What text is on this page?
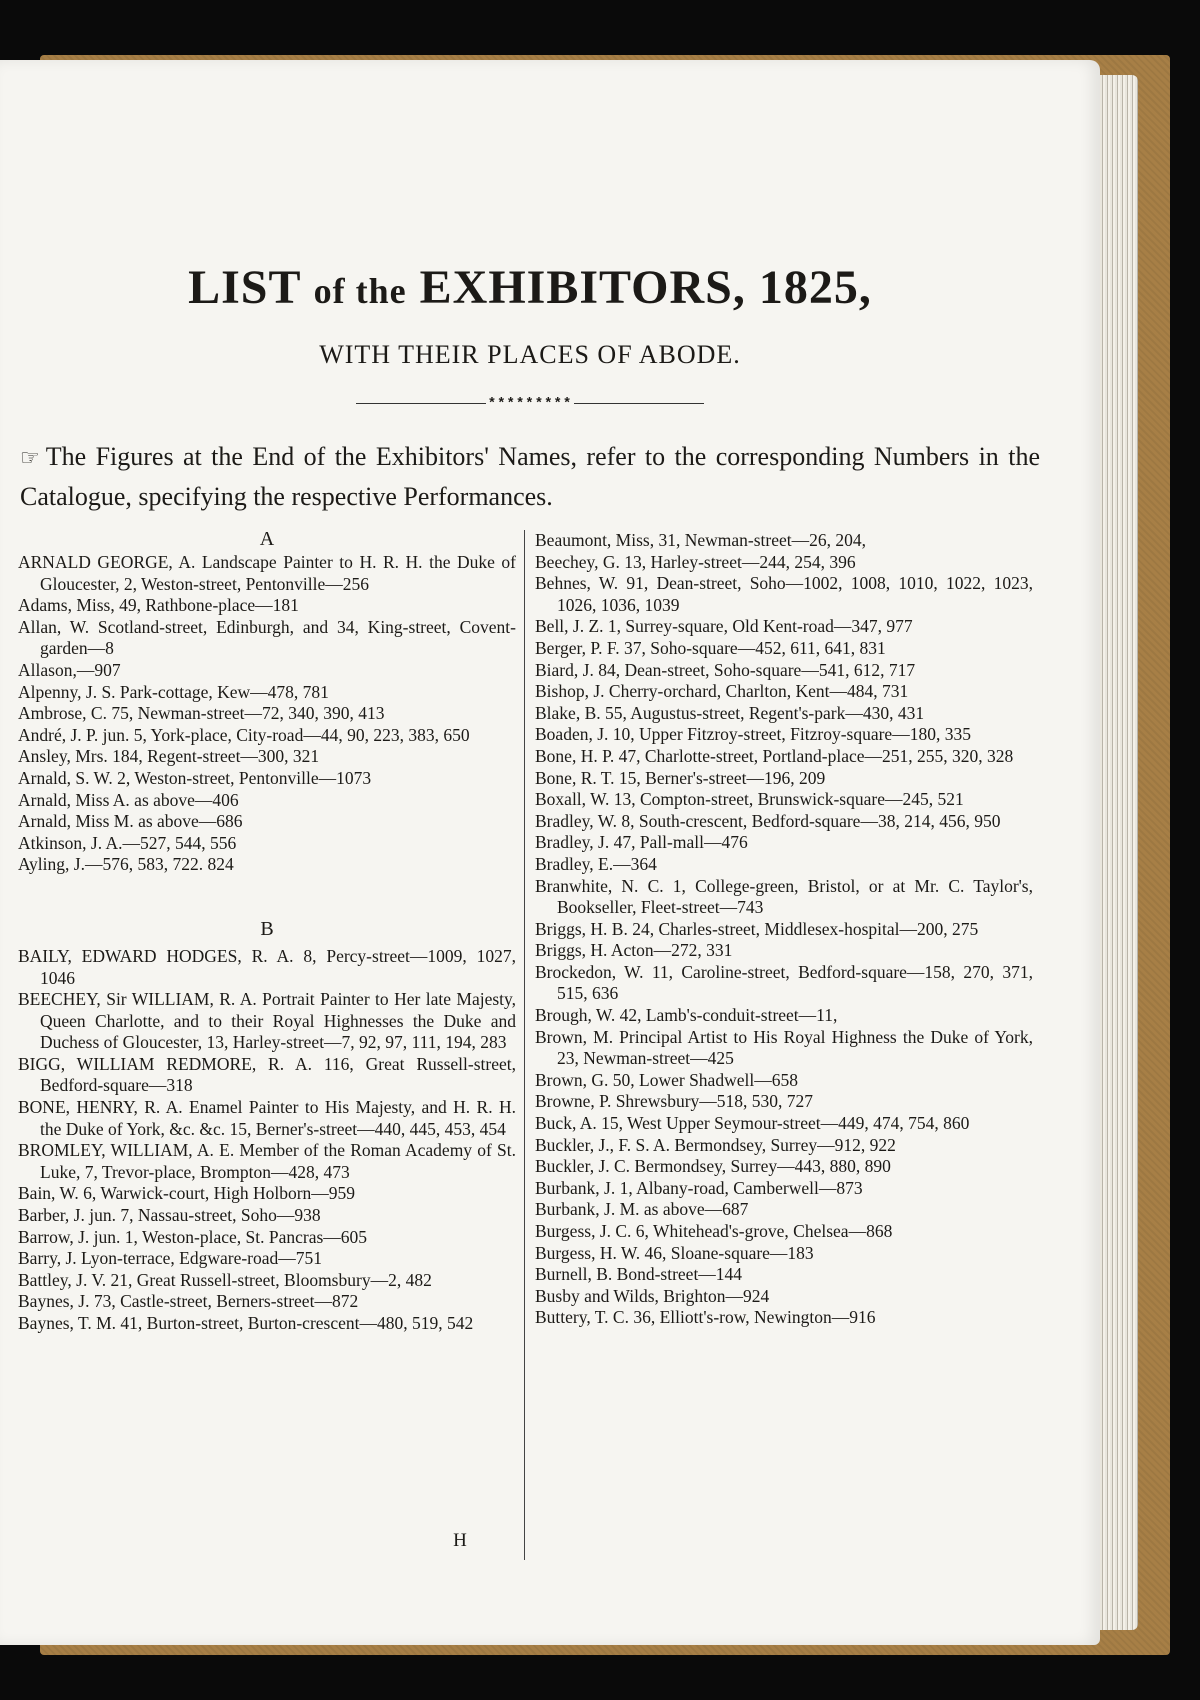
LIST of the EXHIBITORS, 1825,
WITH THEIR PLACES OF ABODE.
*********
☞ The Figures at the End of the Exhibitors' Names, refer to the corresponding Numbers in the Catalogue, specifying the respective Performances.
A

ARNALD GEORGE, A. Landscape Painter to H. R. H. the Duke of Gloucester, 2, Weston-street, Pentonville—256

Adams, Miss, 49, Rathbone-place—181

Allan, W. Scotland-street, Edinburgh, and 34, King-street, Covent-garden—8

Allason,—907

Alpenny, J. S. Park-cottage, Kew—478, 781

Ambrose, C. 75, Newman-street—72, 340, 390, 413

André, J. P. jun. 5, York-place, City-road—44, 90, 223, 383, 650

Ansley, Mrs. 184, Regent-street—300, 321

Arnald, S. W. 2, Weston-street, Pentonville—1073

Arnald, Miss A. as above—406

Arnald, Miss M. as above—686

Atkinson, J. A.—527, 544, 556

Ayling, J.—576, 583, 722. 824

B

BAILY, EDWARD HODGES, R. A. 8, Percy-street—1009, 1027, 1046

BEECHEY, Sir WILLIAM, R. A. Portrait Painter to Her late Majesty, Queen Charlotte, and to their Royal Highnesses the Duke and Duchess of Gloucester, 13, Harley-street—7, 92, 97, 111, 194, 283

BIGG, WILLIAM REDMORE, R. A. 116, Great Russell-street, Bedford-square—318

BONE, HENRY, R. A. Enamel Painter to His Majesty, and H. R. H. the Duke of York, &c. &c. 15, Berner's-street—440, 445, 453, 454

BROMLEY, WILLIAM, A. E. Member of the Roman Academy of St. Luke, 7, Trevor-place, Brompton—428, 473

Bain, W. 6, Warwick-court, High Holborn—959

Barber, J. jun. 7, Nassau-street, Soho—938

Barrow, J. jun. 1, Weston-place, St. Pancras—605

Barry, J. Lyon-terrace, Edgware-road—751

Battley, J. V. 21, Great Russell-street, Bloomsbury—2, 482

Baynes, J. 73, Castle-street, Berners-street—872

Baynes, T. M. 41, Burton-street, Burton-crescent—480, 519, 542

Beaumont, Miss, 31, Newman-street—26, 204,

Beechey, G. 13, Harley-street—244, 254, 396

Behnes, W. 91, Dean-street, Soho—1002, 1008, 1010, 1022, 1023, 1026, 1036, 1039

Bell, J. Z. 1, Surrey-square, Old Kent-road—347, 977

Berger, P. F. 37, Soho-square—452, 611, 641, 831

Biard, J. 84, Dean-street, Soho-square—541, 612, 717

Bishop, J. Cherry-orchard, Charlton, Kent—484, 731

Blake, B. 55, Augustus-street, Regent's-park—430, 431

Boaden, J. 10, Upper Fitzroy-street, Fitzroy-square—180, 335

Bone, H. P. 47, Charlotte-street, Portland-place—251, 255, 320, 328

Bone, R. T. 15, Berner's-street—196, 209

Boxall, W. 13, Compton-street, Brunswick-square—245, 521

Bradley, W. 8, South-crescent, Bedford-square—38, 214, 456, 950

Bradley, J. 47, Pall-mall—476

Bradley, E.—364

Branwhite, N. C. 1, College-green, Bristol, or at Mr. C. Taylor's, Bookseller, Fleet-street—743

Briggs, H. B. 24, Charles-street, Middlesex-hospital—200, 275

Briggs, H. Acton—272, 331

Brockedon, W. 11, Caroline-street, Bedford-square—158, 270, 371, 515, 636

Brough, W. 42, Lamb's-conduit-street—11,

Brown, M. Principal Artist to His Royal Highness the Duke of York, 23, Newman-street—425

Brown, G. 50, Lower Shadwell—658

Browne, P. Shrewsbury—518, 530, 727

Buck, A. 15, West Upper Seymour-street—449, 474, 754, 860

Buckler, J., F. S. A. Bermondsey, Surrey—912, 922

Buckler, J. C. Bermondsey, Surrey—443, 880, 890

Burbank, J. 1, Albany-road, Camberwell—873

Burbank, J. M. as above—687

Burgess, J. C. 6, Whitehead's-grove, Chelsea—868

Burgess, H. W. 46, Sloane-square—183

Burnell, B. Bond-street—144

Busby and Wilds, Brighton—924

Buttery, T. C. 36, Elliott's-row, Newington—916

H
